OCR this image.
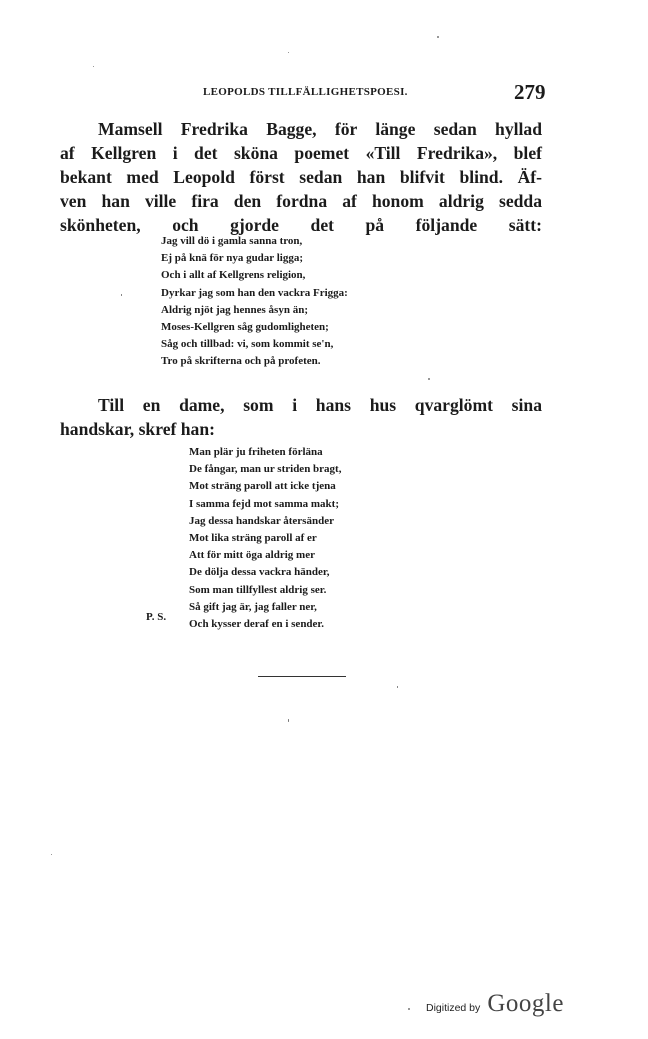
LEOPOLDS TILLFÄLLIGHETSPOESI.	279
Mamsell Fredrika Bagge, för länge sedan hyllad
af Kellgren i det sköna poemet «Till Fredrika», blef
bekant med Leopold först sedan han blifvit blind. Äf-
ven han ville fira den fordna af honom aldrig sedda
skönheten, och gjorde det på följande sätt:
Jag vill dö i gamla sanna tron,
Ej på knä för nya gudar ligga;
Och i allt af Kellgrens religion,
Dyrkar jag som han den vackra Frigga:
Aldrig njöt jag hennes åsyn än;
Moses-Kellgren såg gudomligheten;
Såg och tillbad: vi, som kommit se'n,
Tro på skrifterna och på profeten.
Till en dame, som i hans hus qvarglömt sina
handskar, skref han:
Man plär ju friheten förläna
De fångar, man ur striden bragt,
Mot sträng paroll att icke tjena
I samma fejd mot samma makt;
Jag dessa handskar återsänder
Mot lika sträng paroll af er
Att för mitt öga aldrig mer
De dölja dessa vackra händer,
Som man tillfyllest aldrig ser.
Så gift jag är, jag faller ner,
Och kysser deraf en i sender.
P. S.
Digitized by Google
